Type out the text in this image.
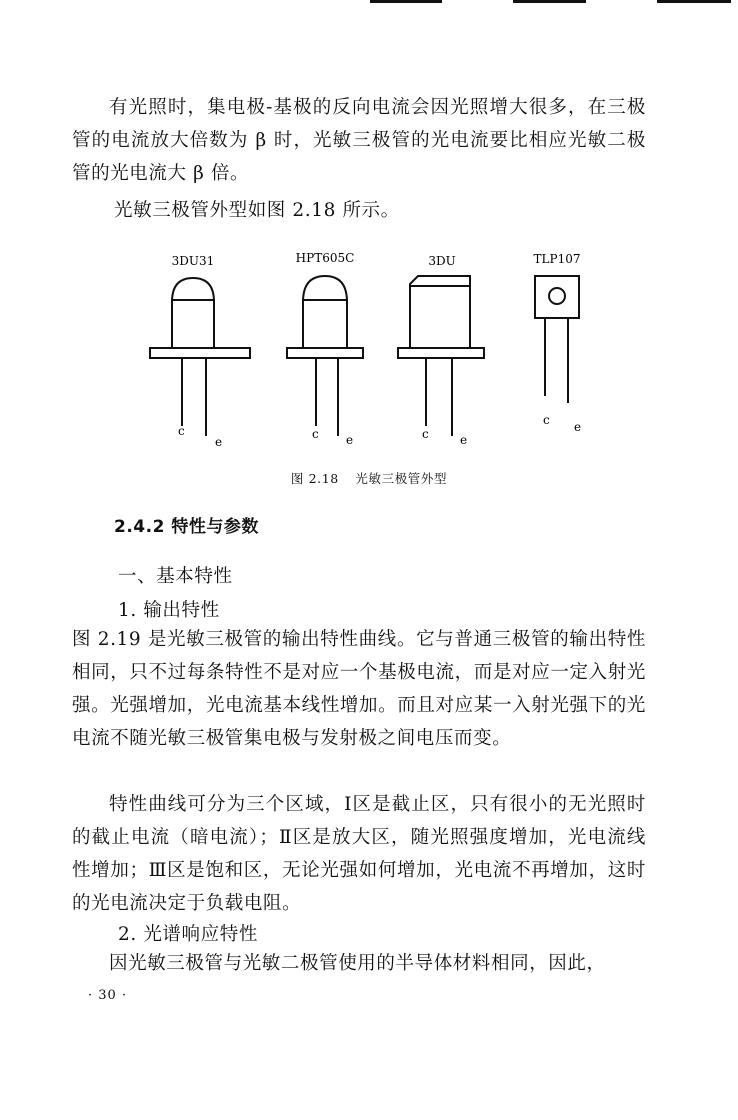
有光照时，集电极-基极的反向电流会因光照增大很多，在三极管的电流放大倍数为 β 时，光敏三极管的光电流要比相应光敏二极管的光电流大 β 倍。

光敏三极管外型如图 2.18 所示。

3DU31	HPT605C	3DU	TLP107
c
e
c e	c	e
c e
图 2.18 光敏三极管外型

2.4.2 特性与参数

一、基本特性

1. 输出特性

图 2.19 是光敏三极管的输出特性曲线。它与普通三极管的输出特性相同，只不过每条特性不是对应一个基极电流，而是对应一定入射光强。光强增加，光电流基本线性增加。而且对应某一入射光强下的光电流不随光敏三极管集电极与发射极之间电压而变。

特性曲线可分为三个区域，Ⅰ区是截止区，只有很小的无光照时的截止电流（暗电流）；Ⅱ区是放大区，随光照强度增加，光电流线性增加；Ⅲ区是饱和区，无论光强如何增加，光电流不再增加，这时的光电流决定于负载电阻。

2. 光谱响应特性

因光敏三极管与光敏二极管使用的半导体材料相同，因此，

· 30 ·
